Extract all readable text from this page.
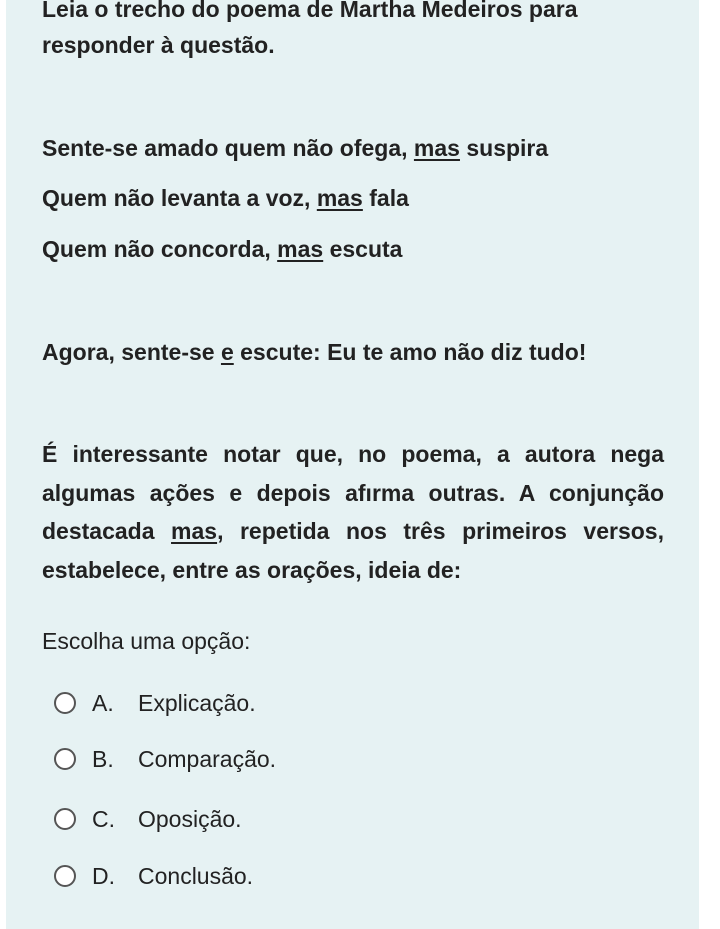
Leia o trecho do poema de Martha Medeiros para
responder à questão.
Sente-se amado quem não ofega, mas suspira
Quem não levanta a voz, mas fala
Quem não concorda, mas escuta
Agora, sente-se e escute: Eu te amo não diz tudo!
É interessante notar que, no poema, a autora nega algumas ações e depois afırma outras. A conjunção destacada mas, repetida nos três primeiros versos, estabelece, entre as orações, ideia de:
Escolha uma opção:
A.	Explicação.
B.	Comparação.
C.	Oposição.
D.	Conclusão.
